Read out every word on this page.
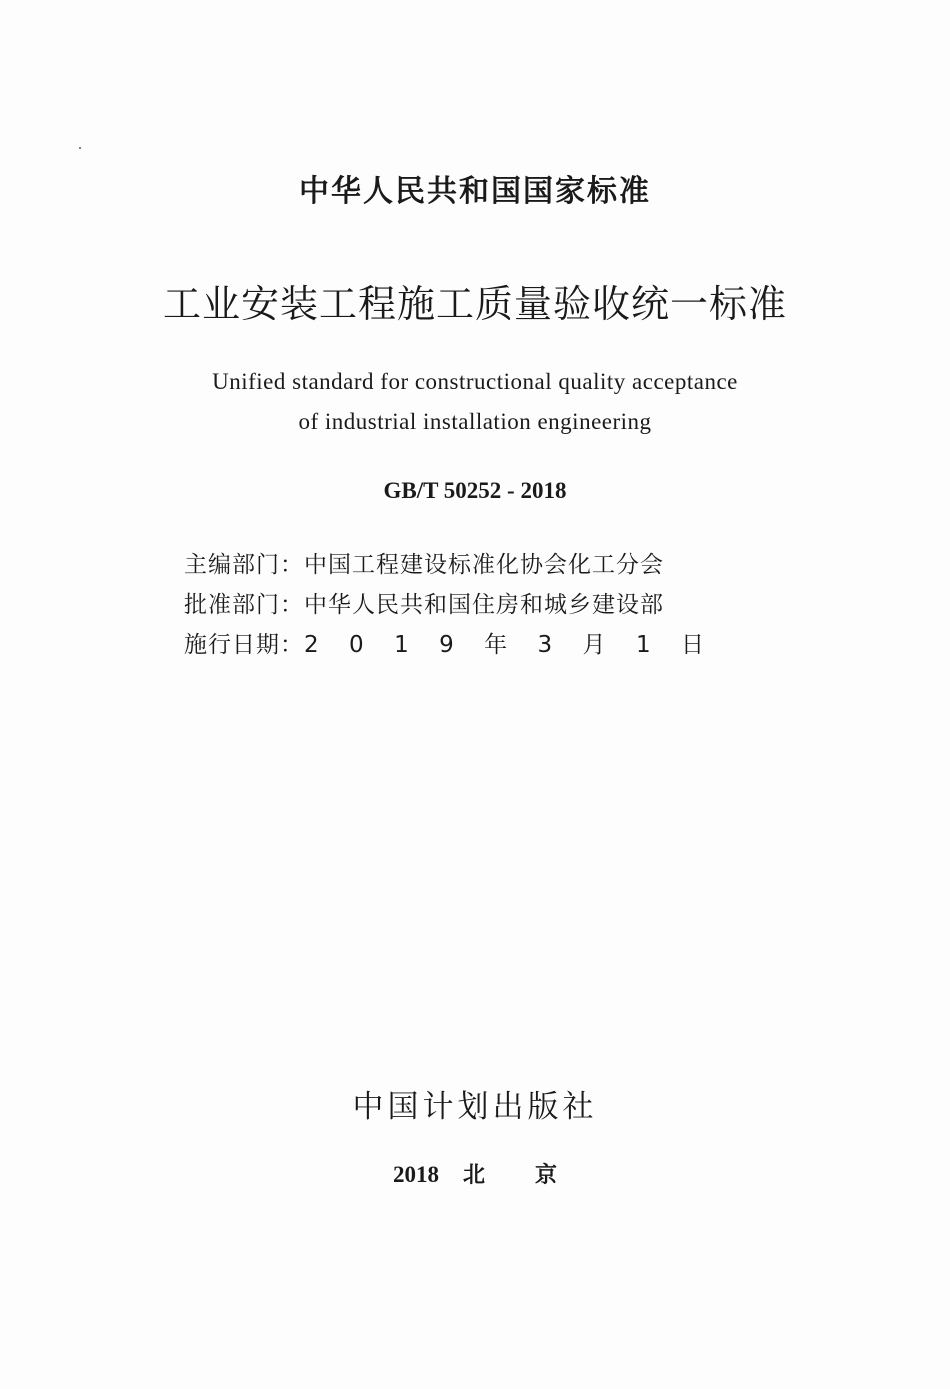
中华人民共和国国家标准
工业安装工程施工质量验收统一标准
Unified standard for constructional quality acceptance
of industrial installation engineering
GB/T 50252 - 2018
主编部门： 中国工程建设标准化协会化工分会
批准部门： 中华人民共和国住房和城乡建设部
施行日期： 2 0 1 9 年 3 月 1 日
中国计划出版社
2018 北 京
